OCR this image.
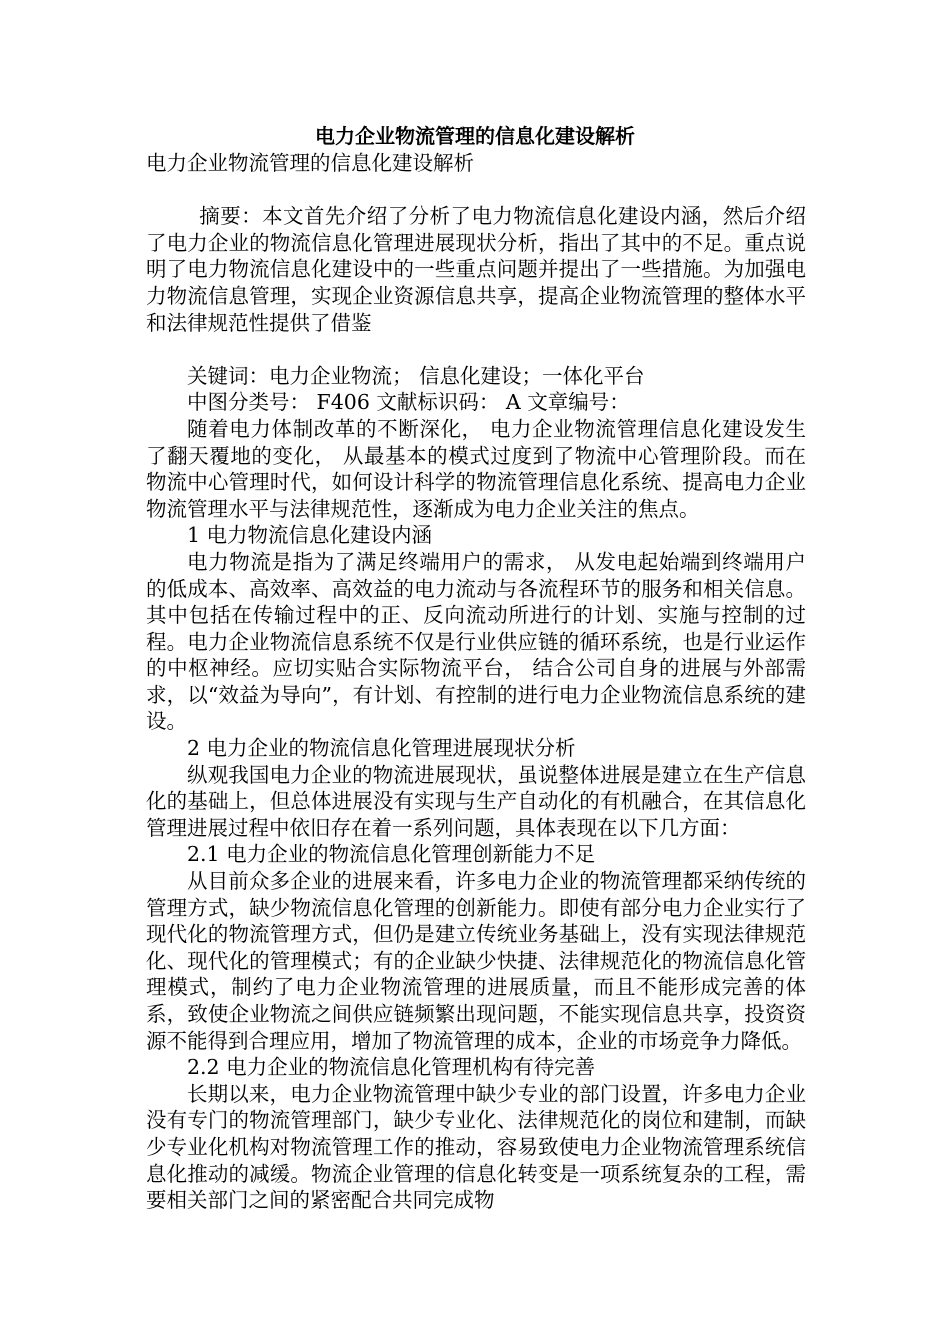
电力企业物流管理的信息化建设解析

电力企业物流管理的信息化建设解析

摘要：本文首先介绍了分析了电力物流信息化建设内涵，然后介绍了电力企业的物流信息化管理进展现状分析，指出了其中的不足。重点说明了电力物流信息化建设中的一些重点问题并提出了一些措施。为加强电力物流信息管理，实现企业资源信息共享，提高企业物流管理的整体水平和法律规范性提供了借鉴

关键词：电力企业物流； 信息化建设；一体化平台

中图分类号： F406 文献标识码： A 文章编号：

随着电力体制改革的不断深化， 电力企业物流管理信息化建设发生了翻天覆地的变化， 从最基本的模式过度到了物流中心管理阶段。而在物流中心管理时代，如何设计科学的物流管理信息化系统、提高电力企业物流管理水平与法律规范性，逐渐成为电力企业关注的焦点。

1 电力物流信息化建设内涵

电力物流是指为了满足终端用户的需求， 从发电起始端到终端用户的低成本、高效率、高效益的电力流动与各流程环节的服务和相关信息。其中包括在传输过程中的正、反向流动所进行的计划、实施与控制的过程。电力企业物流信息系统不仅是行业供应链的循环系统，也是行业运作的中枢神经。应切实贴合实际物流平台， 结合公司自身的进展与外部需求，以“效益为导向”，有计划、有控制的进行电力企业物流信息系统的建设。

2 电力企业的物流信息化管理进展现状分析

纵观我国电力企业的物流进展现状，虽说整体进展是建立在生产信息化的基础上，但总体进展没有实现与生产自动化的有机融合，在其信息化管理进展过程中依旧存在着一系列问题，具体表现在以下几方面：

2.1 电力企业的物流信息化管理创新能力不足

从目前众多企业的进展来看，许多电力企业的物流管理都采纳传统的管理方式，缺少物流信息化管理的创新能力。即使有部分电力企业实行了现代化的物流管理方式，但仍是建立传统业务基础上，没有实现法律规范化、现代化的管理模式；有的企业缺少快捷、法律规范化的物流信息化管理模式，制约了电力企业物流管理的进展质量，而且不能形成完善的体系，致使企业物流之间供应链频繁出现问题，不能实现信息共享，投资资源不能得到合理应用，增加了物流管理的成本，企业的市场竞争力降低。

2.2 电力企业的物流信息化管理机构有待完善

长期以来，电力企业物流管理中缺少专业的部门设置，许多电力企业没有专门的物流管理部门，缺少专业化、法律规范化的岗位和建制，而缺少专业化机构对物流管理工作的推动，容易致使电力企业物流管理系统信息化推动的减缓。物流企业管理的信息化转变是一项系统复杂的工程，需要相关部门之间的紧密配合共同完成物
